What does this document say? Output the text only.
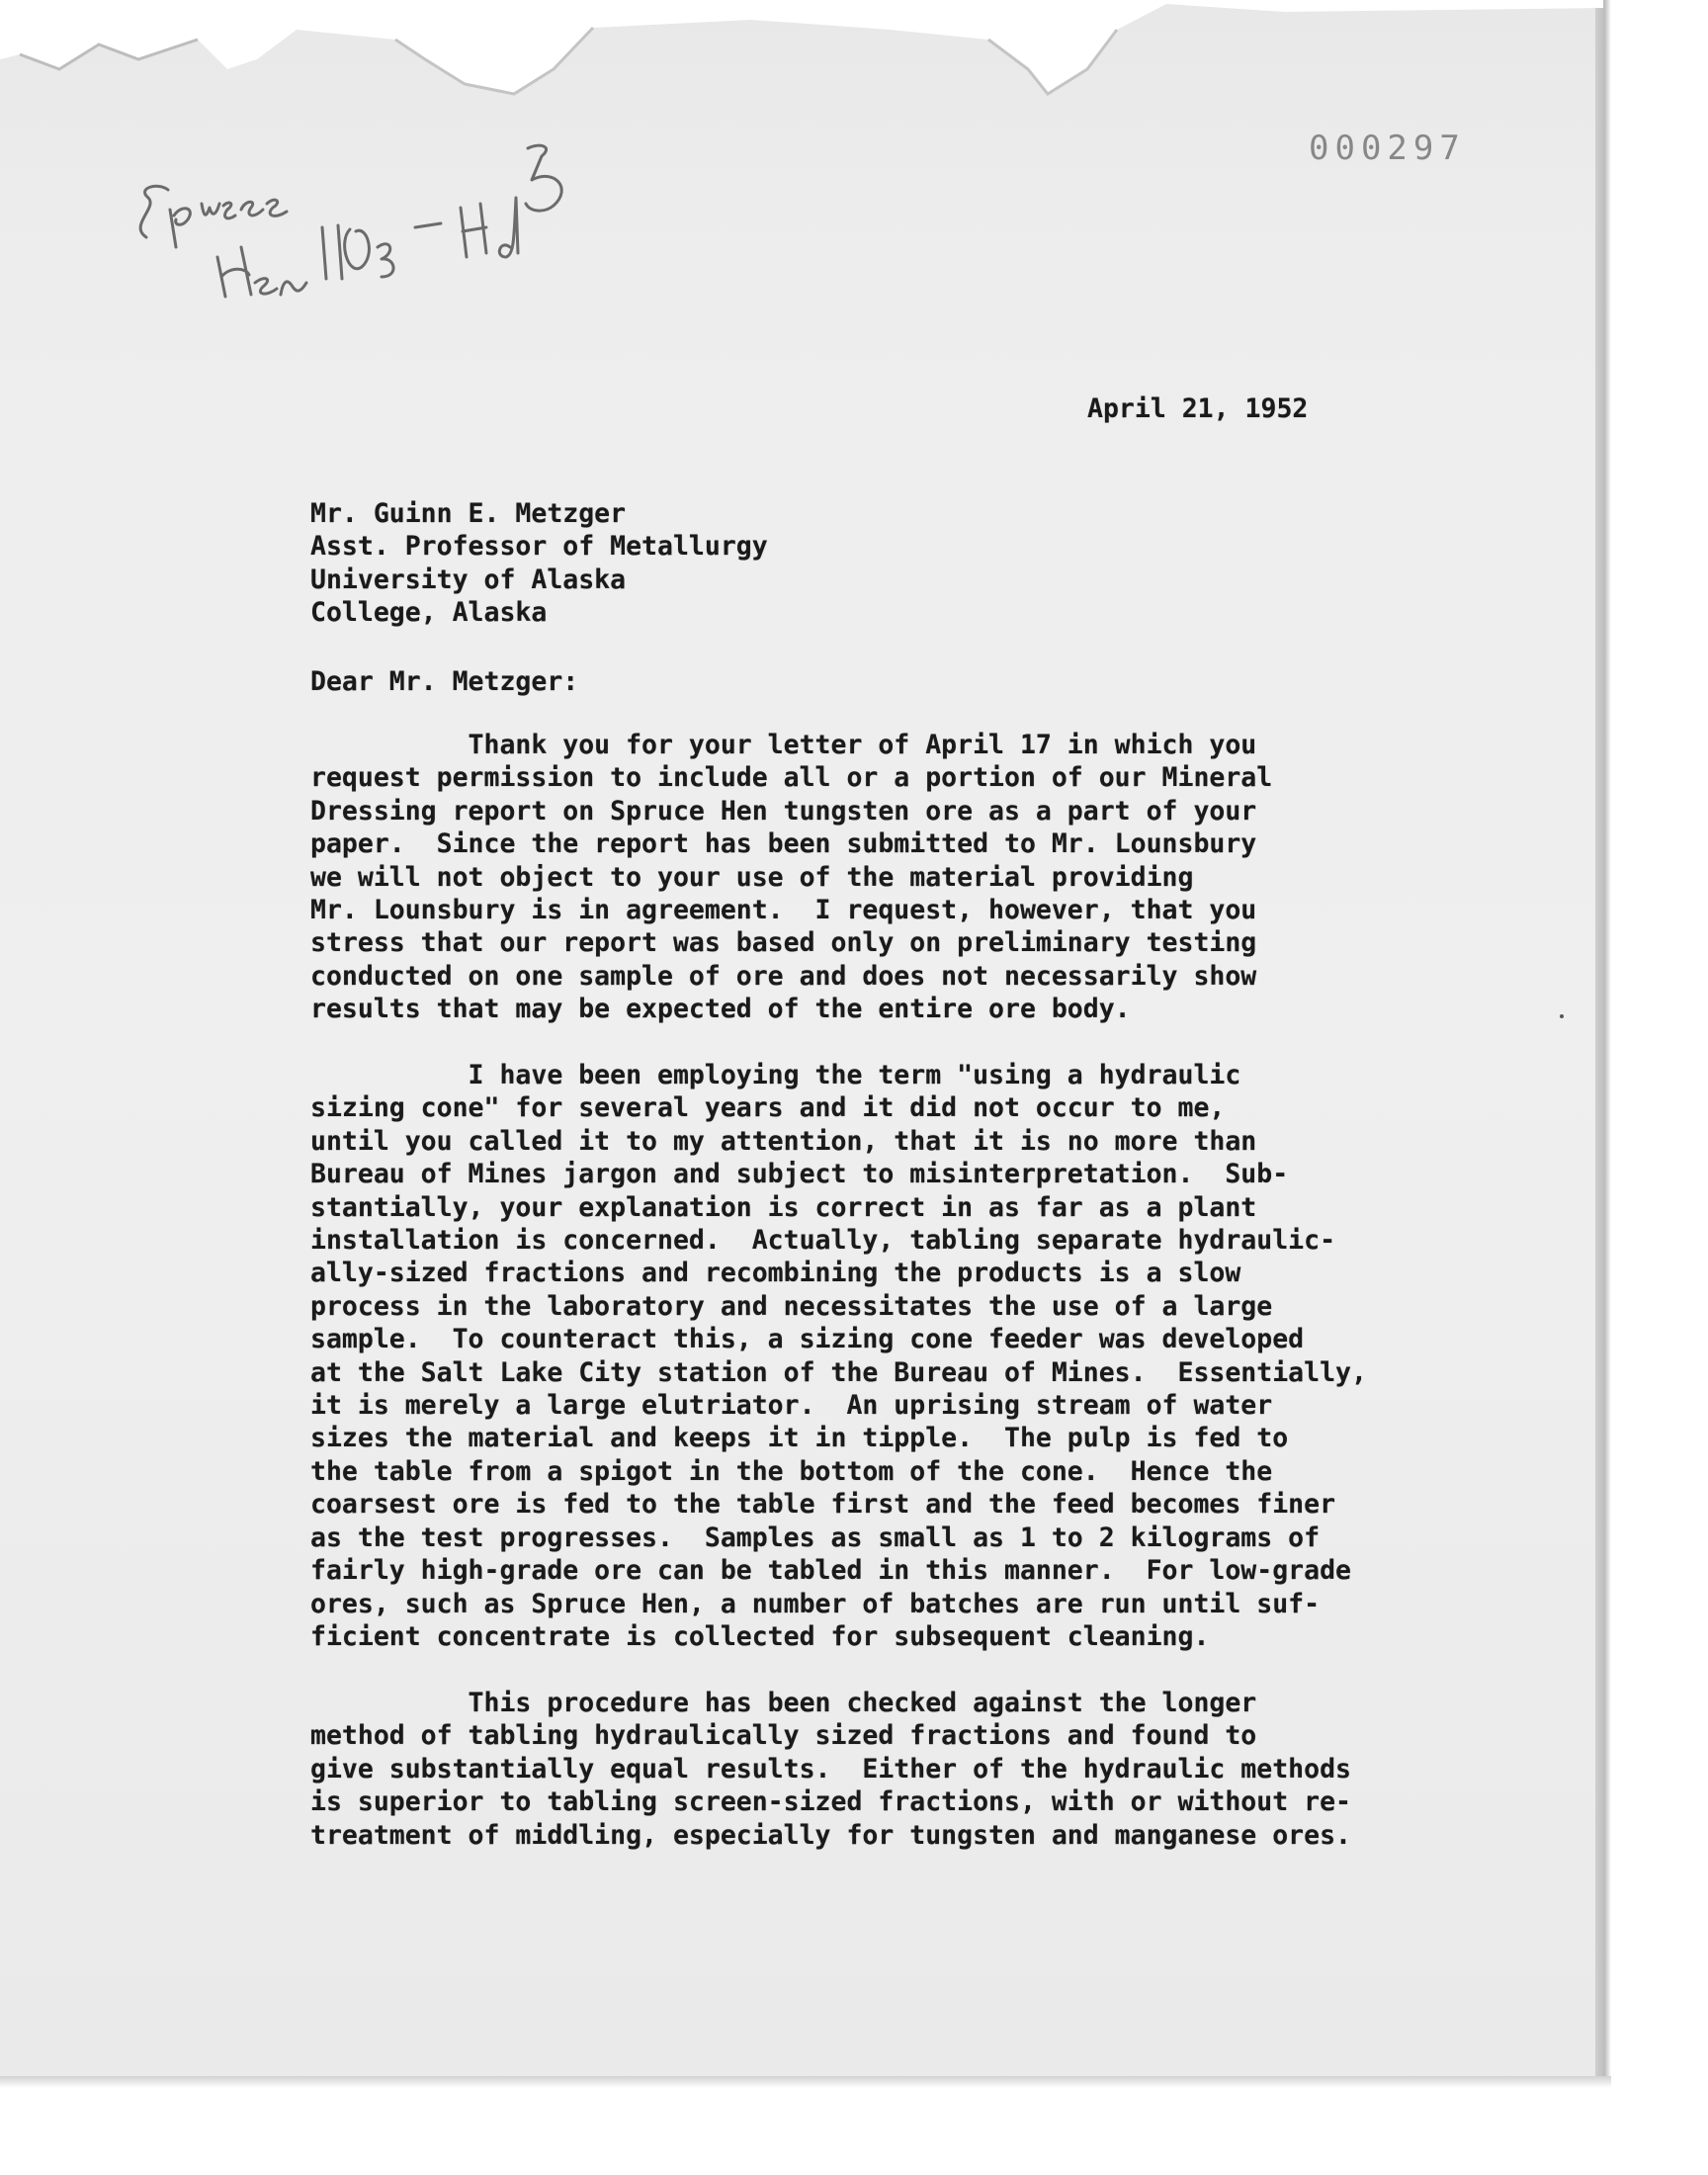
000297

April 21, 1952

Mr. Guinn E. Metzger
Asst. Professor of Metallurgy
University of Alaska
College, Alaska

Dear Mr. Metzger:

Thank you for your letter of April 17 in which you
request permission to include all or a portion of our Mineral
Dressing report on Spruce Hen tungsten ore as a part of your
paper.  Since the report has been submitted to Mr. Lounsbury
we will not object to your use of the material providing
Mr. Lounsbury is in agreement.  I request, however, that you
stress that our report was based only on preliminary testing
conducted on one sample of ore and does not necessarily show
results that may be expected of the entire ore body.
I have been employing the term "using a hydraulic
sizing cone" for several years and it did not occur to me,
until you called it to my attention, that it is no more than
Bureau of Mines jargon and subject to misinterpretation.  Sub-
stantially, your explanation is correct in as far as a plant
installation is concerned.  Actually, tabling separate hydraulic-
ally-sized fractions and recombining the products is a slow
process in the laboratory and necessitates the use of a large
sample.  To counteract this, a sizing cone feeder was developed
at the Salt Lake City station of the Bureau of Mines.  Essentially,
it is merely a large elutriator.  An uprising stream of water
sizes the material and keeps it in tipple.  The pulp is fed to
the table from a spigot in the bottom of the cone.  Hence the
coarsest ore is fed to the table first and the feed becomes finer
as the test progresses.  Samples as small as 1 to 2 kilograms of
fairly high-grade ore can be tabled in this manner.  For low-grade
ores, such as Spruce Hen, a number of batches are run until suf-
ficient concentrate is collected for subsequent cleaning.
This procedure has been checked against the longer
method of tabling hydraulically sized fractions and found to
give substantially equal results.  Either of the hydraulic methods
is superior to tabling screen-sized fractions, with or without re-
treatment of middling, especially for tungsten and manganese ores.
